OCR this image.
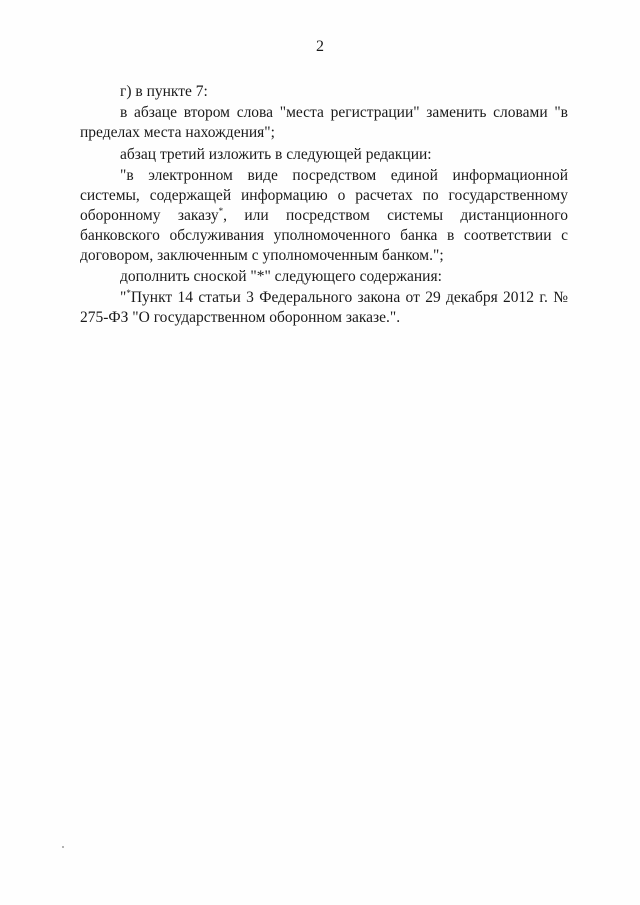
2

г) в пункте 7:

в абзаце втором слова "места регистрации" заменить словами "в пределах места нахождения";

абзац третий изложить в следующей редакции:

"в электронном виде посредством единой информационной системы, содержащей информацию о расчетах по государственному оборонному заказу*, или посредством системы дистанционного банковского обслуживания уполномоченного банка в соответствии с договором, заключенным с уполномоченным банком.";

дополнить сноской "*" следующего содержания:

"*Пункт 14 статьи 3 Федерального закона от 29 декабря 2012 г. № 275-ФЗ "О государственном оборонном заказе.".
